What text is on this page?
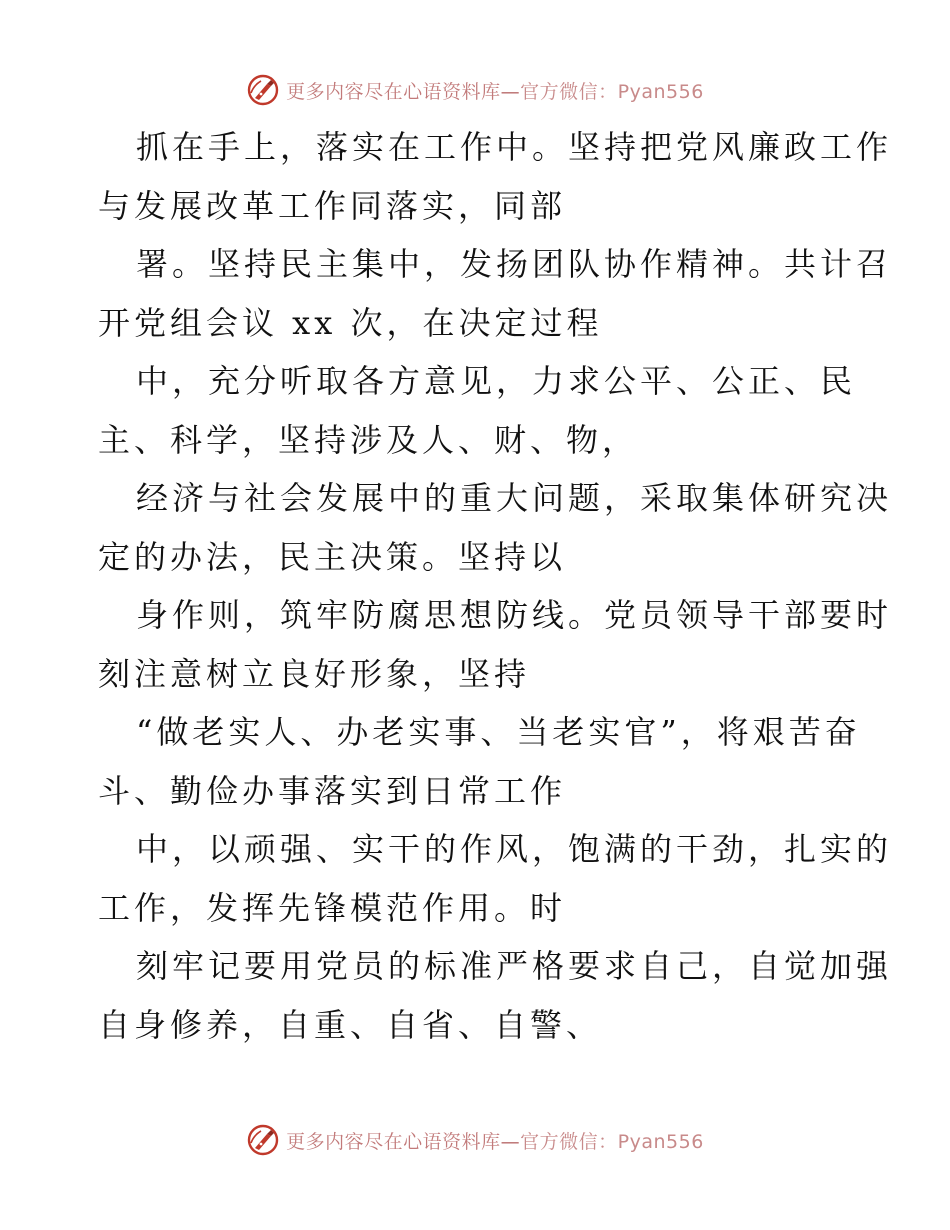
更多内容尽在心语资料库—官方微信：Pyan556

抓在手上，落实在工作中。坚持把党风廉政工作
与发展改革工作同落实，同部

署。坚持民主集中，发扬团队协作精神。共计召
开党组会议 xx 次，在决定过程

中，充分听取各方意见，力求公平、公正、民
主、科学，坚持涉及人、财、物，

经济与社会发展中的重大问题，采取集体研究决
定的办法，民主决策。坚持以

身作则，筑牢防腐思想防线。党员领导干部要时
刻注意树立良好形象，坚持

“做老实人、办老实事、当老实官”，将艰苦奋
斗、勤俭办事落实到日常工作

中，以顽强、实干的作风，饱满的干劲，扎实的
工作，发挥先锋模范作用。时

刻牢记要用党员的标准严格要求自己，自觉加强
自身修养，自重、自省、自警、

更多内容尽在心语资料库—官方微信：Pyan556
